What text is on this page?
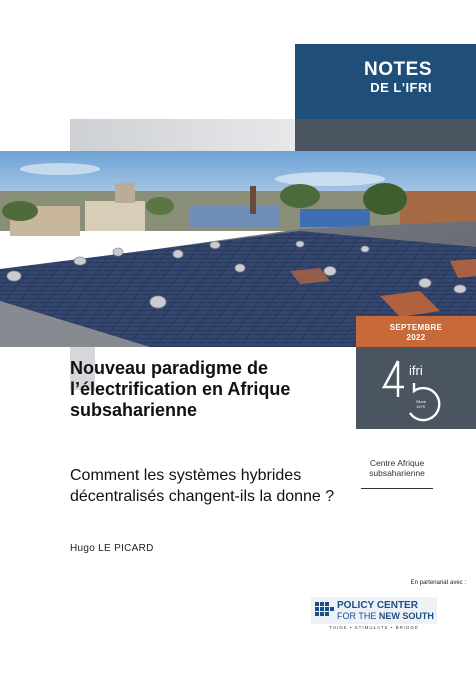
NOTES
DE L'IFRI
SEPTEMBRE
2022
Since
1979
ifri
Centre Afrique
subsaharienne
Nouveau paradigme de
l’électrification en Afrique
subsaharienne
Comment les systèmes hybrides
décentralisés changent-ils la donne ?
Hugo LE PICARD
En partenariat avec :
POLICY CENTER
FOR THE NEW SOUTH
THINK • STIMULATE • BRIDGE
